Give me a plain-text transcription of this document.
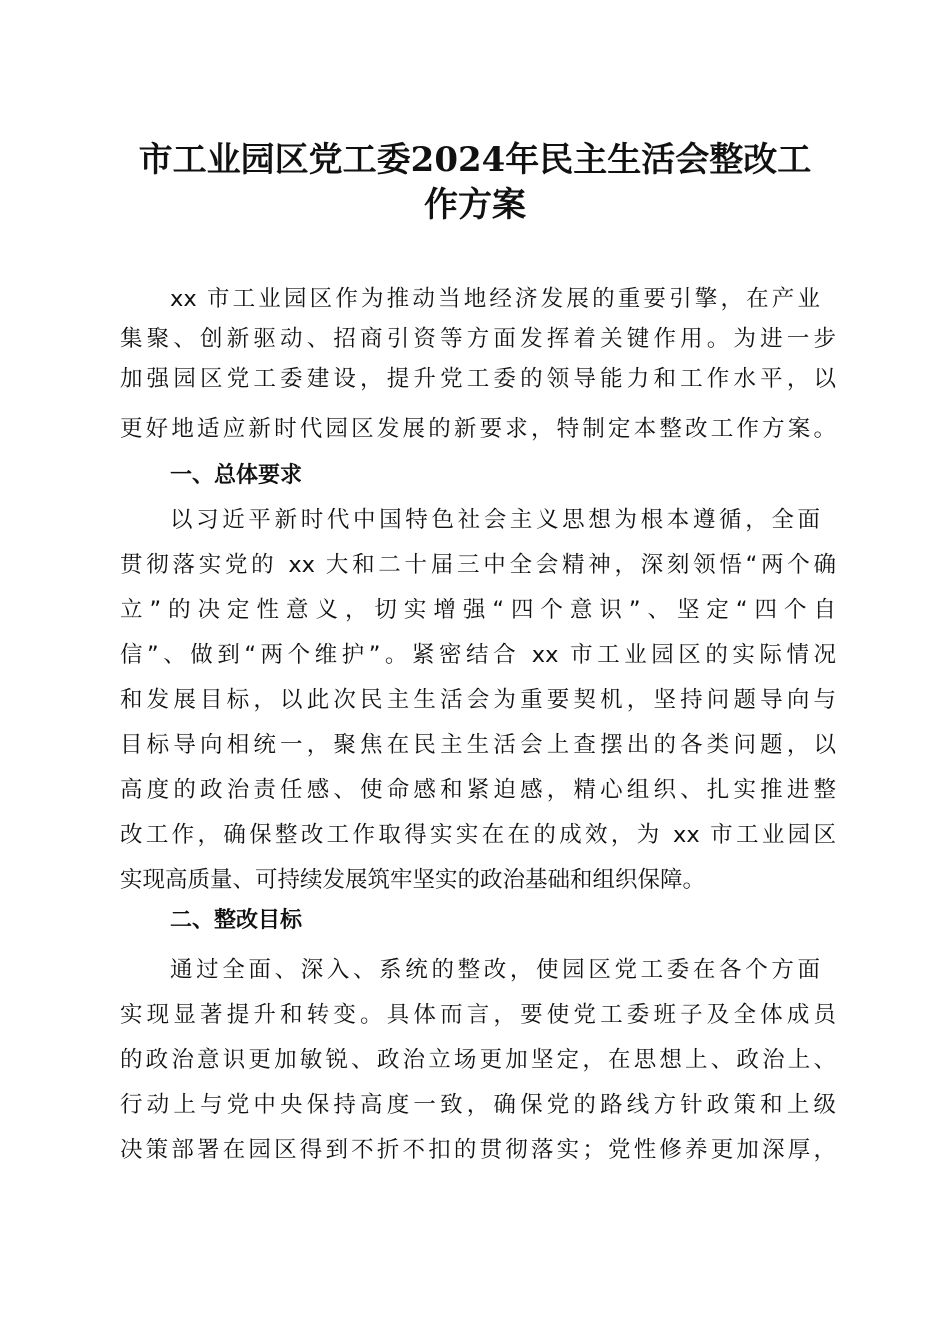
市工业园区党工委2024年民主生活会整改工
作方案

xx 市工业园区作为推动当地经济发展的重要引擎，在产业

集聚、创新驱动、招商引资等方面发挥着关键作用。为进一步

加强园区党工委建设，提升党工委的领导能力和工作水平，以

更好地适应新时代园区发展的新要求，特制定本整改工作方案。

一、总体要求

以习近平新时代中国特色社会主义思想为根本遵循，全面

贯彻落实党的 xx 大和二十届三中全会精神，深刻领悟“两个确

立”的决定性意义，切实增强“四个意识”、坚定“四个自

信”、做到“两个维护”。紧密结合 xx 市工业园区的实际情况

和发展目标，以此次民主生活会为重要契机，坚持问题导向与

目标导向相统一，聚焦在民主生活会上查摆出的各类问题，以

高度的政治责任感、使命感和紧迫感，精心组织、扎实推进整

改工作，确保整改工作取得实实在在的成效，为 xx 市工业园区

实现高质量、可持续发展筑牢坚实的政治基础和组织保障。

二、整改目标

通过全面、深入、系统的整改，使园区党工委在各个方面

实现显著提升和转变。具体而言，要使党工委班子及全体成员

的政治意识更加敏锐、政治立场更加坚定，在思想上、政治上、

行动上与党中央保持高度一致，确保党的路线方针政策和上级

决策部署在园区得到不折不扣的贯彻落实；党性修养更加深厚，
